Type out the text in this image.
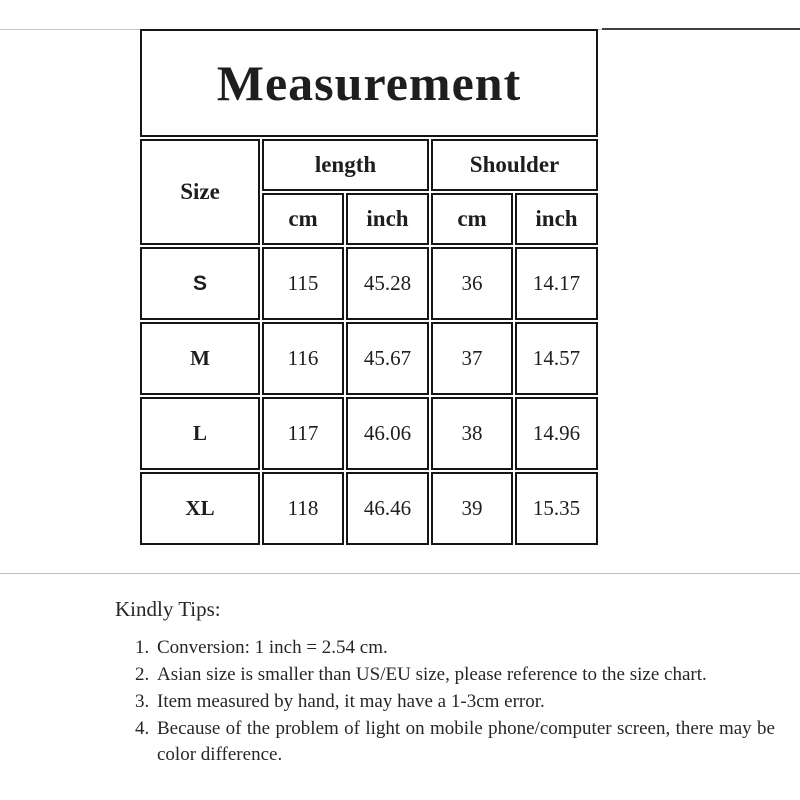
Measurement				
Size	length		Shoulder	
	cm	inch	cm	inch
S	115	45.28	36	14.17
M	116	45.67	37	14.57
L	117	46.06	38	14.96
XL	118	46.46	39	15.35
Kindly Tips:
1. Conversion: 1 inch = 2.54 cm.
2. Asian size is smaller than US/EU size, please reference to the size chart.
3. Item measured by hand, it may have a 1-3cm error.
4. Because of the problem of light on mobile phone/computer screen, there may be color difference.
